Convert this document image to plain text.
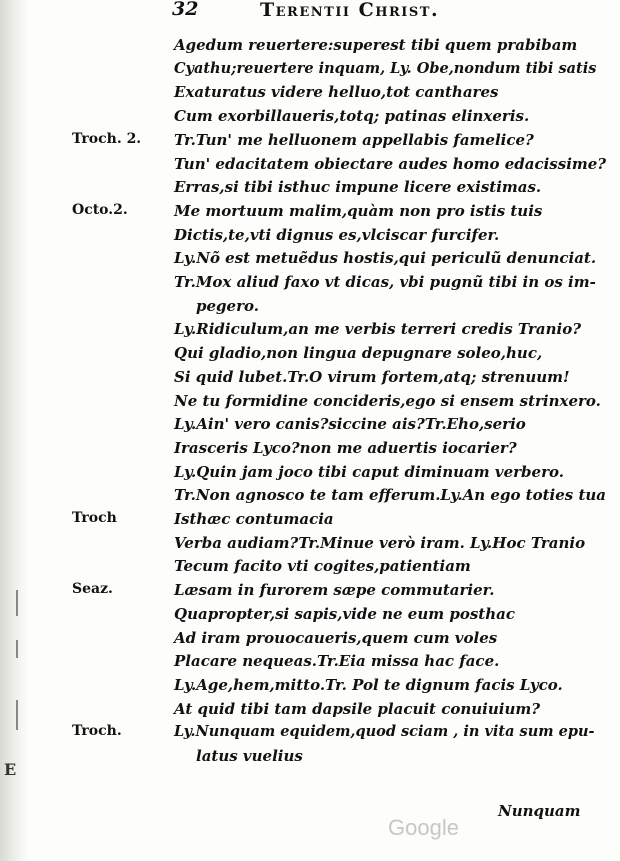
32	Terentii Christ.
Agedum reuertere:superest tibi quem prabibam
Cyathu;reuertere inquam, Ly. Obe,nondum tibi satis
Exaturatus videre helluo,tot canthares
Cum exorbillaueris,totq; patinas elinxeris.
Troch. 2. Tr.Tun' me helluonem appellabis famelice?
Tun' edacitatem obiectare audes homo edacissime?
Erras,si tibi isthuc impune licere existimas.
Octo.2.	Me mortuum malim,quàm non pro istis tuis
Dictis,te,vti dignus es,vlciscar furcifer.
Ly.Nõ est metuẽdus hostis,qui periculũ denunciat.
Tr.Mox aliud faxo vt dicas, vbi pugnũ tibi in os im-
pegero.
Ly.Ridiculum,an me verbis terreri credis Tranio?
Qui gladio,non lingua depugnare soleo,huc,
Si quid lubet.Tr.O virum fortem,atq; strenuum!
Ne tu formidine concideris,ego si ensem strinxero.
Ly.Ain' vero canis?siccine ais?Tr.Eho,serio
Irasceris Lyco?non me aduertis iocarier?
Ly.Quin jam joco tibi caput diminuam verbero.
Tr.Non agnosco te tam efferum.Ly.An ego toties tua
Troch	Isthæc contumacia
Verba audiam?Tr.Minue verò iram. Ly.Hoc Tranio
Tecum facito vti cogites,patientiam
Seaz.	Læsam in furorem sæpe commutarier.
Quapropter,si sapis,vide ne eum posthac
Ad iram prouocaueris,quem cum voles
Placare nequeas.Tr.Eia missa hac face.
Ly.Age,hem,mitto.Tr. Pol te dignum facis Lyco.
At quid tibi tam dapsile placuit conuiuium?
Troch.	Ly.Nunquam equidem,quod sciam , in vita sum epu-
latus vuelius
Nunquam
Google
E
